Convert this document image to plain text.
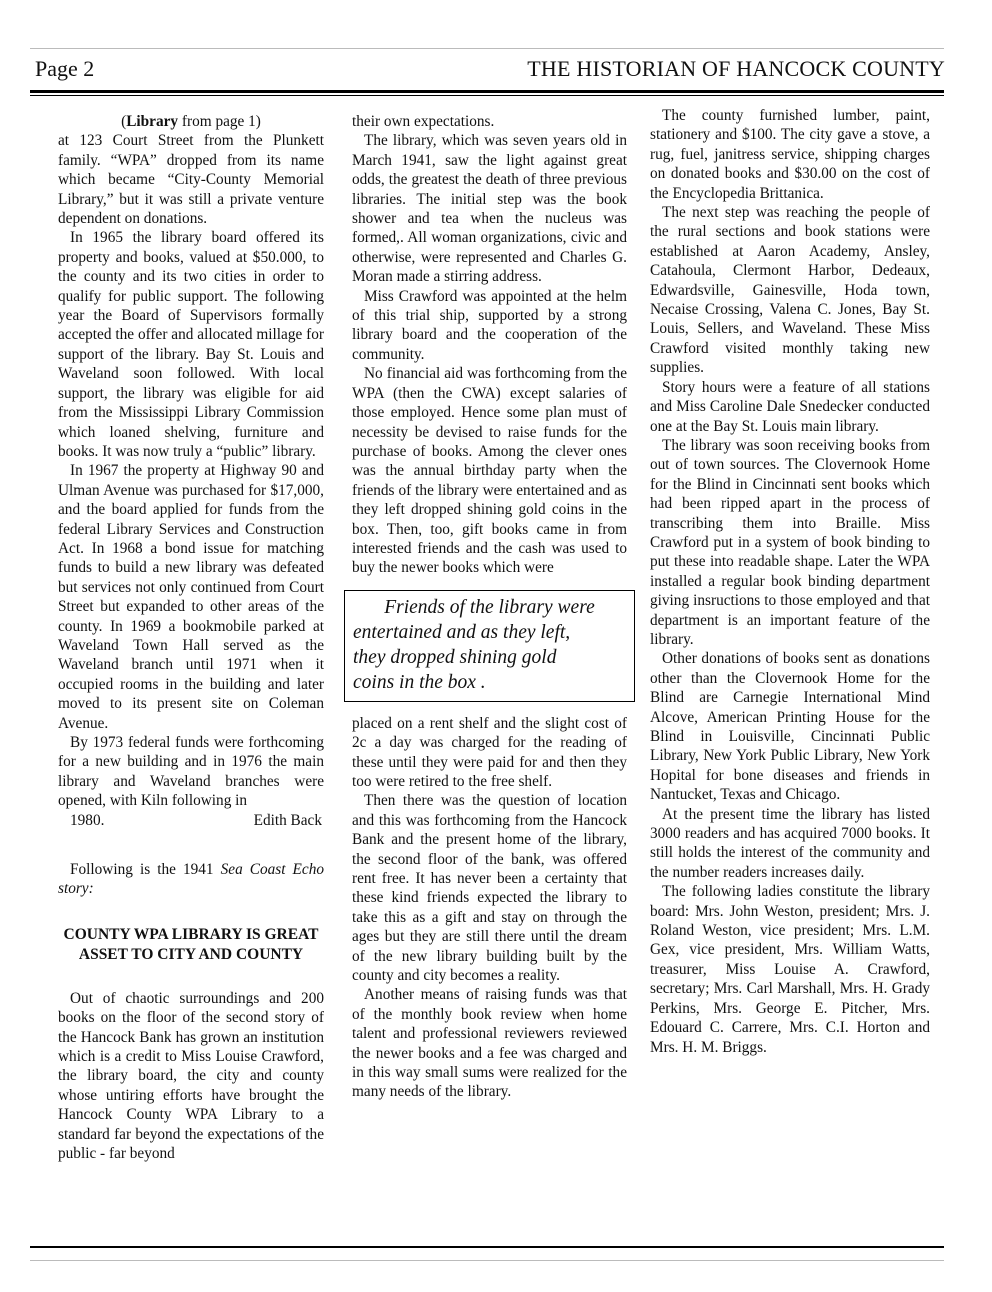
Page 2	THE HISTORIAN OF HANCOCK COUNTY

(Library from page 1)

at 123 Court Street from the Plunkett family. “WPA” dropped from its name which became “City-County Memorial Library,” but it was still a private venture dependent on donations.

In 1965 the library board offered its property and books, valued at $50.000, to the county and its two cities in order to qualify for public support. The following year the Board of Supervisors formally accepted the offer and allocated millage for support of the library. Bay St. Louis and Waveland soon followed. With local support, the library was eligible for aid from the Mississippi Library Commission which loaned shelving, furniture and books. It was now truly a “public” library.

In 1967 the property at Highway 90 and Ulman Avenue was purchased for $17,000, and the board applied for funds from the federal Library Services and Construction Act. In 1968 a bond issue for matching funds to build a new library was defeated but services not only continued from Court Street but expanded to other areas of the county. In 1969 a bookmobile parked at Waveland Town Hall served as the Waveland branch until 1971 when it occupied rooms in the building and later moved to its present site on Coleman Avenue.

By 1973 federal funds were forthcoming for a new building and in 1976 the main library and Waveland branches were opened, with Kiln following in

1980.	Edith Back

Following is the 1941 Sea Coast Echo story:

COUNTY WPA LIBRARY IS GREAT ASSET TO CITY AND COUNTY

Out of chaotic surroundings and 200 books on the floor of the second story of the Hancock Bank has grown an institution which is a credit to Miss Louise Crawford, the library board, the city and county whose untiring efforts have brought the Hancock County WPA Library to a standard far beyond the expectations of the public - far beyond

their own expectations.

The library, which was seven years old in March 1941, saw the light against great odds, the greatest the death of three previous libraries. The initial step was the book shower and tea when the nucleus was formed,. All woman organizations, civic and otherwise, were represented and Charles G. Moran made a stirring address.

Miss Crawford was appointed at the helm of this trial ship, supported by a strong library board and the cooperation of the community.

No financial aid was forthcoming from the WPA (then the CWA) except salaries of those employed. Hence some plan must of necessity be devised to raise funds for the purchase of books. Among the clever ones was the annual birthday party when the friends of the library were entertained and as they left dropped shining gold coins in the box. Then, too, gift books came in from interested friends and the cash was used to buy the newer books which were

Friends of the library were
entertained and as they left,
they dropped shining gold
coins in the box .

placed on a rent shelf and the slight cost of 2c a day was charged for the reading of these until they were paid for and then they too were retired to the free shelf.

Then there was the question of location and this was forthcoming from the Hancock Bank and the present home of the library, the second floor of the bank, was offered rent free. It has never been a certainty that these kind friends expected the library to take this as a gift and stay on through the ages but they are still there until the dream of the new library building built by the county and city becomes a reality.

Another means of raising funds was that of the monthly book review when home talent and professional reviewers reviewed the newer books and a fee was charged and in this way small sums were realized for the many needs of the library.

The county furnished lumber, paint, stationery and $100. The city gave a stove, a rug, fuel, janitress service, shipping charges on donated books and $30.00 on the cost of the Encyclopedia Brittanica.

The next step was reaching the people of the rural sections and book stations were established at Aaron Academy, Ansley, Catahoula, Clermont Harbor, Dedeaux, Edwardsville, Gainesville, Hoda town, Necaise Crossing, Valena C. Jones, Bay St. Louis, Sellers, and Waveland. These Miss Crawford visited monthly taking new supplies.

Story hours were a feature of all stations and Miss Caroline Dale Snedecker conducted one at the Bay St. Louis main library.

The library was soon receiving books from out of town sources. The Clovernook Home for the Blind in Cincinnati sent books which had been ripped apart in the process of transcribing them into Braille. Miss Crawford put in a system of book binding to put these into readable shape. Later the WPA installed a regular book binding department giving insructions to those employed and that department is an important feature of the library.

Other donations of books sent as donations other than the Clovernook Home for the Blind are Carnegie International Mind Alcove, American Printing House for the Blind in Louisville, Cincinnati Public Library, New York Public Library, New York Hopital for bone diseases and friends in Nantucket, Texas and Chicago.

At the present time the library has listed 3000 readers and has acquired 7000 books. It still holds the interest of the community and the number readers increases daily.

The following ladies constitute the library board: Mrs. John Weston, president; Mrs. J. Roland Weston, vice president; Mrs. L.M. Gex, vice president, Mrs. William Watts, treasurer, Miss Louise A. Crawford, secretary; Mrs. Carl Marshall, Mrs. H. Grady Perkins, Mrs. George E. Pitcher, Mrs. Edouard C. Carrere, Mrs. C.I. Horton and Mrs. H. M. Briggs.
